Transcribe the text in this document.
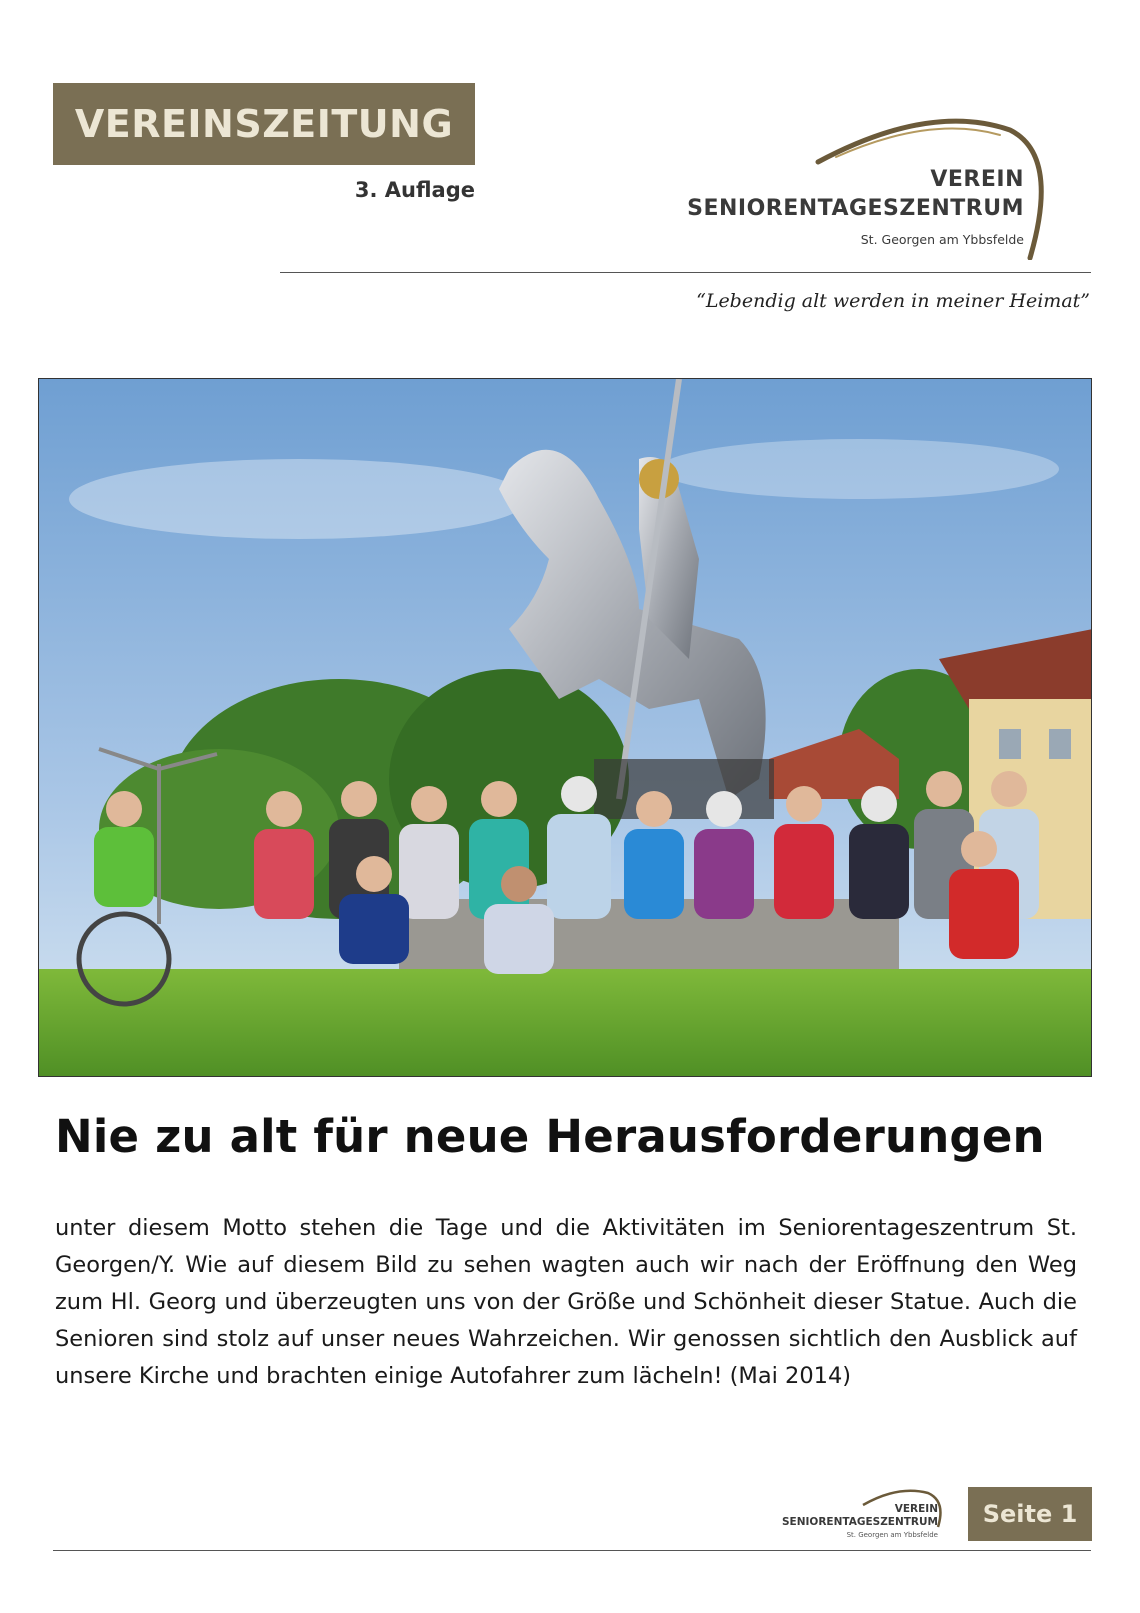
VEREINSZEITUNG
3. Auflage	VEREIN
SENIORENTAGESZENTRUM
St. Georgen am Ybbsfelde
“Lebendig alt werden in meiner Heimat”
Nie zu alt für neue Herausforderungen

unter diesem Motto stehen die Tage und die Aktivitäten im Seniorentageszentrum St. Georgen/Y. Wie auf diesem Bild zu sehen wagten auch wir nach der Eröffnung den Weg zum Hl. Georg und überzeugten uns von der Größe und Schönheit dieser Statue. Auch die Senioren sind stolz auf unser neues Wahrzeichen. Wir genossen sichtlich den Ausblick auf unsere Kirche und brachten einige Autofahrer zum lächeln! (Mai 2014)

VEREIN
SENIORENTAGESZENTRUM
St. Georgen am Ybbsfelde
Seite 1
